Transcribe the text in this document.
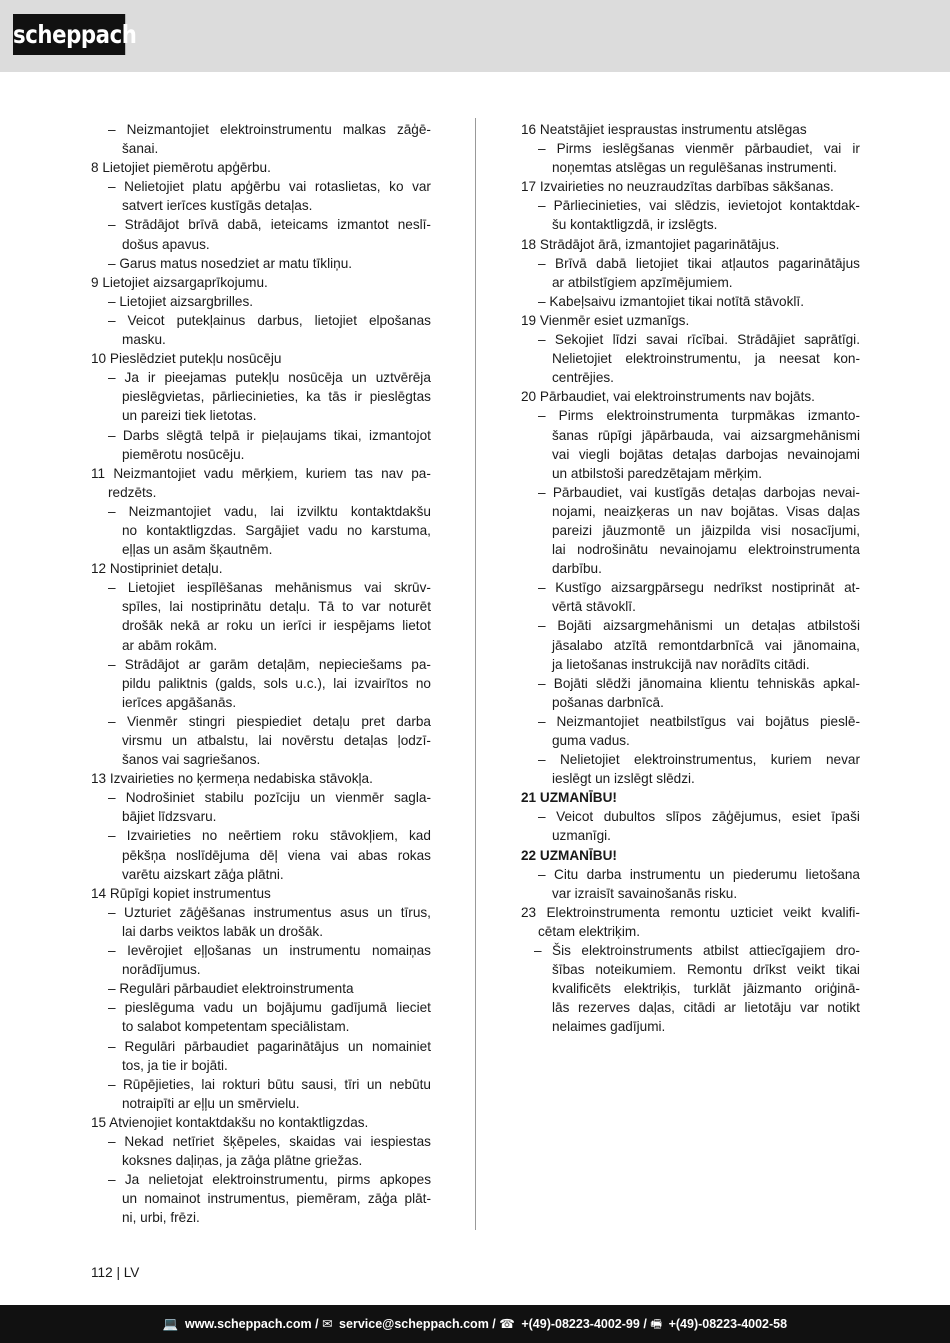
scheppach
– Neizmantojiet elektroinstrumentu malkas zāģē-
šanai.
8 Lietojiet piemērotu apģērbu.
– Nelietojiet platu apģērbu vai rotaslietas, ko var
satvert ierīces kustīgās detaļas.
– Strādājot brīvā dabā, ieteicams izmantot neslī-
došus apavus.
– Garus matus nosedziet ar matu tīkliņu.
9 Lietojiet aizsargaprīkojumu.
– Lietojiet aizsargbrilles.
– Veicot putekļainus darbus, lietojiet elpošanas
masku.
10 Pieslēdziet putekļu nosūcēju
– Ja ir pieejamas putekļu nosūcēja un uztvērēja
pieslēgvietas, pārliecinieties, ka tās ir pieslēgtas
un pareizi tiek lietotas.
– Darbs slēgtā telpā ir pieļaujams tikai, izmantojot
piemērotu nosūcēju.
11 Neizmantojiet vadu mērķiem, kuriem tas nav pa-
redzēts.
– Neizmantojiet vadu, lai izvilktu kontaktdakšu
no kontaktligzdas. Sargājiet vadu no karstuma,
eļļas un asām šķautnēm.
12 Nostipriniet detaļu.
– Lietojiet iespīlēšanas mehānismus vai skrūv-
spīles, lai nostiprinātu detaļu. Tā to var noturēt
drošāk nekā ar roku un ierīci ir iespējams lietot
ar abām rokām.
– Strādājot ar garām detaļām, nepieciešams pa-
pildu paliktnis (galds, sols u.c.), lai izvairītos no
ierīces apgāšanās.
– Vienmēr stingri piespiediet detaļu pret darba
virsmu un atbalstu, lai novērstu detaļas ļodzī-
šanos vai sagriešanos.
13 Izvairieties no ķermeņa nedabiska stāvokļa.
– Nodrošiniet stabilu pozīciju un vienmēr sagla-
bājiet līdzsvaru.
– Izvairieties no neērtiem roku stāvokļiem, kad
pēkšņa noslīdējuma dēļ viena vai abas rokas
varētu aizskart zāģa plātni.
14 Rūpīgi kopiet instrumentus
– Uzturiet zāģēšanas instrumentus asus un tīrus,
lai darbs veiktos labāk un drošāk.
– Ievērojiet eļļošanas un instrumentu nomaiņas
norādījumus.
– Regulāri pārbaudiet elektroinstrumenta
– pieslēguma vadu un bojājumu gadījumā lieciet
to salabot kompetentam speciālistam.
– Regulāri pārbaudiet pagarinātājus un nomainiet
tos, ja tie ir bojāti.
– Rūpējieties, lai rokturi būtu sausi, tīri un nebūtu
notraipīti ar eļļu un smērvielu.
15 Atvienojiet kontaktdakšu no kontaktligzdas.
– Nekad netīriet šķēpeles, skaidas vai iespiestas
koksnes daļiņas, ja zāģa plātne griežas.
– Ja nelietojat elektroinstrumentu, pirms apkopes
un nomainot instrumentus, piemēram, zāģa plāt-
ni, urbi, frēzi.
16 Neatstājiet iespraustas instrumentu atslēgas
– Pirms ieslēgšanas vienmēr pārbaudiet, vai ir
noņemtas atslēgas un regulēšanas instrumenti.
17 Izvairieties no neuzraudzītas darbības sākšanas.
– Pārliecinieties, vai slēdzis, ievietojot kontaktdak-
šu kontaktligzdā, ir izslēgts.
18 Strādājot ārā, izmantojiet pagarinātājus.
– Brīvā dabā lietojiet tikai atļautos pagarinātājus
ar atbilstīgiem apzīmējumiem.
– Kabeļsaivu izmantojiet tikai notītā stāvoklī.
19 Vienmēr esiet uzmanīgs.
– Sekojiet līdzi savai rīcībai. Strādājiet saprātīgi.
Nelietojiet elektroinstrumentu, ja neesat kon-
centrējies.
20 Pārbaudiet, vai elektroinstruments nav bojāts.
– Pirms elektroinstrumenta turpmākas izmanto-
šanas rūpīgi jāpārbauda, vai aizsargmehānismi
vai viegli bojātas detaļas darbojas nevainojami
un atbilstoši paredzētajam mērķim.
– Pārbaudiet, vai kustīgās detaļas darbojas nevai-
nojami, neaizķeras un nav bojātas. Visas daļas
pareizi jāuzmontē un jāizpilda visi nosacījumi,
lai nodrošinātu nevainojamu elektroinstrumenta
darbību.
– Kustīgo aizsargpārsegu nedrīkst nostiprināt at-
vērtā stāvoklī.
– Bojāti aizsargmehānismi un detaļas atbilstoši
jāsalabo atzītā remontdarbnīcā vai jānomaina,
ja lietošanas instrukcijā nav norādīts citādi.
– Bojāti slēdži jānomaina klientu tehniskās apkal-
pošanas darbnīcā.
– Neizmantojiet neatbilstīgus vai bojātus pieslē-
guma vadus.
– Nelietojiet elektroinstrumentus, kuriem nevar
ieslēgt un izslēgt slēdzi.
21 UZMANĪBU!
– Veicot dubultos slīpos zāģējumus, esiet īpaši
uzmanīgi.
22 UZMANĪBU!
– Citu darba instrumentu un piederumu lietošana
var izraisīt savainošanās risku.
23 Elektroinstrumenta remontu uzticiet veikt kvalifi-
cētam elektriķim.
– Šis elektroinstruments atbilst attiecīgajiem dro-
šības noteikumiem. Remontu drīkst veikt tikai
kvalificēts elektriķis, turklāt jāizmanto oriģinā-
lās rezerves daļas, citādi ar lietotāju var notikt
nelaimes gadījumi.
112 | LV
💻 www.scheppach.com / ✉ service@scheppach.com / ☎ +(49)-08223-4002-99 / 🖷 +(49)-08223-4002-58
